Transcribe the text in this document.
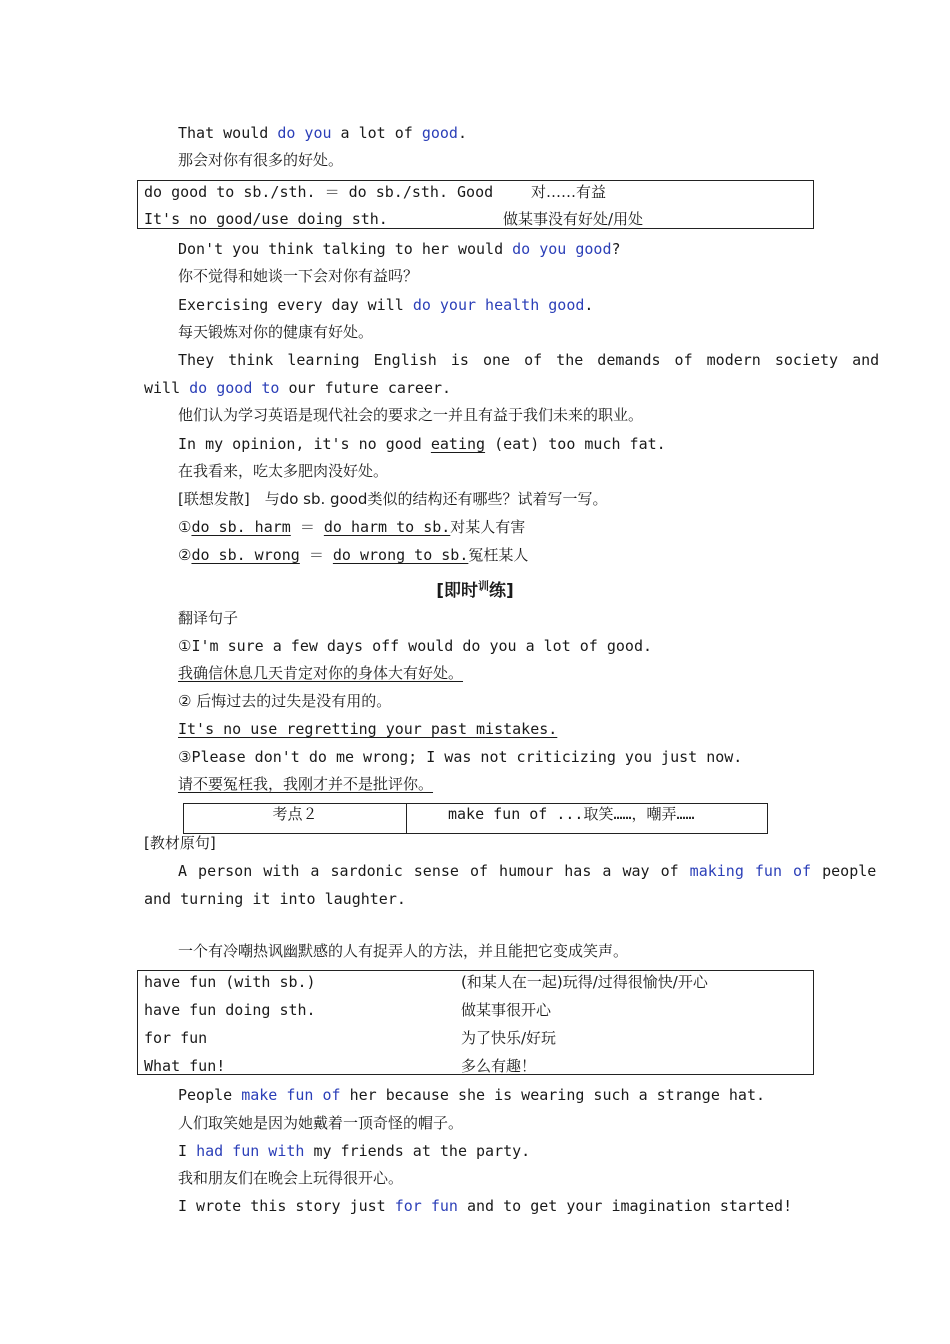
That would do you a lot of good.
那会对你有很多的好处。
do good to sb./sth. ＝ do sb./sth. Good	对……有益
It's no good/use doing sth.	做某事没有好处/用处
Don't you think talking to her would do you good?
你不觉得和她谈一下会对你有益吗？
Exercising every day will do your health good.
每天锻炼对你的健康有好处。
They think learning English is one of the demands of modern society and
will do good to our future career.
他们认为学习英语是现代社会的要求之一并且有益于我们未来的职业。
In my opinion, it's no good eating (eat) too much fat.
在我看来，吃太多肥肉没好处。
[联想发散]　与do sb. good类似的结构还有哪些？试着写一写。
①do sb. harm ＝ do harm to sb.对某人有害
②do sb. wrong ＝ do wrong to sb.冤枉某人
[即时$^训$练]
翻译句子
①I'm sure a few days off would do you a lot of good.
我确信休息几天肯定对你的身体大有好处。
② 后悔过去的过失是没有用的。
It's no use regretting your past mistakes.
③Please don't do me wrong; I was not criticizing you just now.
请不要冤枉我，我刚才并不是批评你。
考点２	make fun of ...取笑……，嘲弄……
[教材原句]
A person with a sardonic sense of humour has a way of making fun of people
and turning it into laughter.
一个有冷嘲热讽幽默感的人有捉弄人的方法，并且能把它变成笑声。
have fun (with sb.)	(和某人在一起)玩得/过得很愉快/开心
have fun doing sth.	做某事很开心
for fun	为了快乐/好玩
What fun!	多么有趣！
People make fun of her because she is wearing such a strange hat.
人们取笑她是因为她戴着一顶奇怪的帽子。
I had fun with my friends at the party.
我和朋友们在晚会上玩得很开心。
I wrote this story just for fun and to get your imagination started!
